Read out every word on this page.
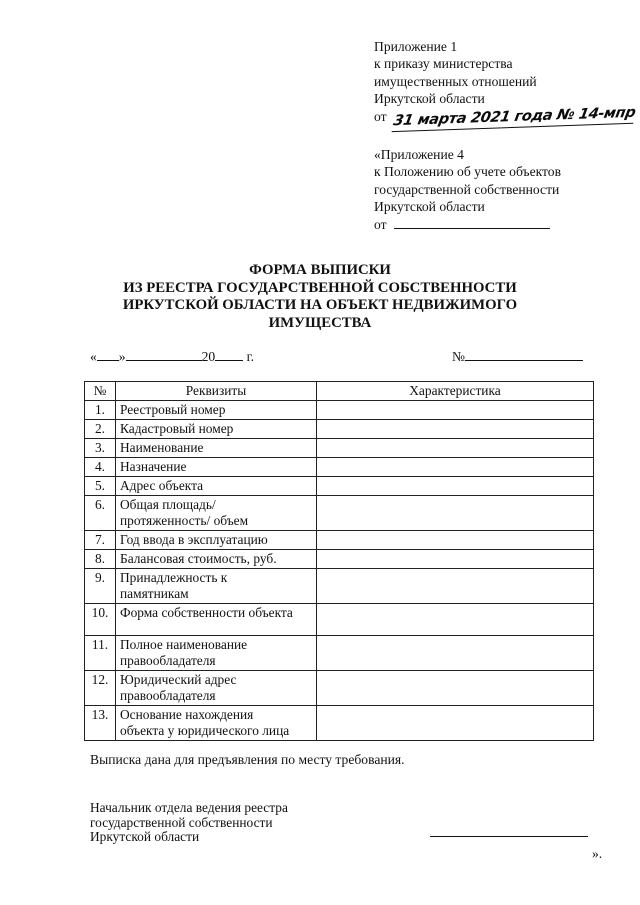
Приложение 1
к приказу министерства
имущественных отношений
Иркутской области
от 31 марта 2021 года № 14-мпр
«Приложение 4
к Положению об учете объектов
государственной собственности
Иркутской области
от
ФОРМА ВЫПИСКИ
ИЗ РЕЕСТРА ГОСУДАРСТВЕННОЙ СОБСТВЕННОСТИ
ИРКУТСКОЙ ОБЛАСТИ НА ОБЪЕКТ НЕДВИЖИМОГО
ИМУЩЕСТВА
« »	20 г.	№
№	Реквизиты	Характеристика
1.	Реестровый номер	
2.	Кадастровый номер	
3.	Наименование	
4.	Назначение	
5.	Адрес объекта	
6.	Общая площадь/
протяженность/ объем	
7.	Год ввода в эксплуатацию	
8.	Балансовая стоимость, руб.	
9.	Принадлежность к
памятникам	
10.	Форма собственности объекта	
11.	Полное наименование
правообладателя	
12.	Юридический адрес
правообладателя	
13.	Основание нахождения
объекта у юридического лица	
Выписка дана для предъявления по месту требования.
Начальник отдела ведения реестра
государственной собственности
Иркутской области
».
